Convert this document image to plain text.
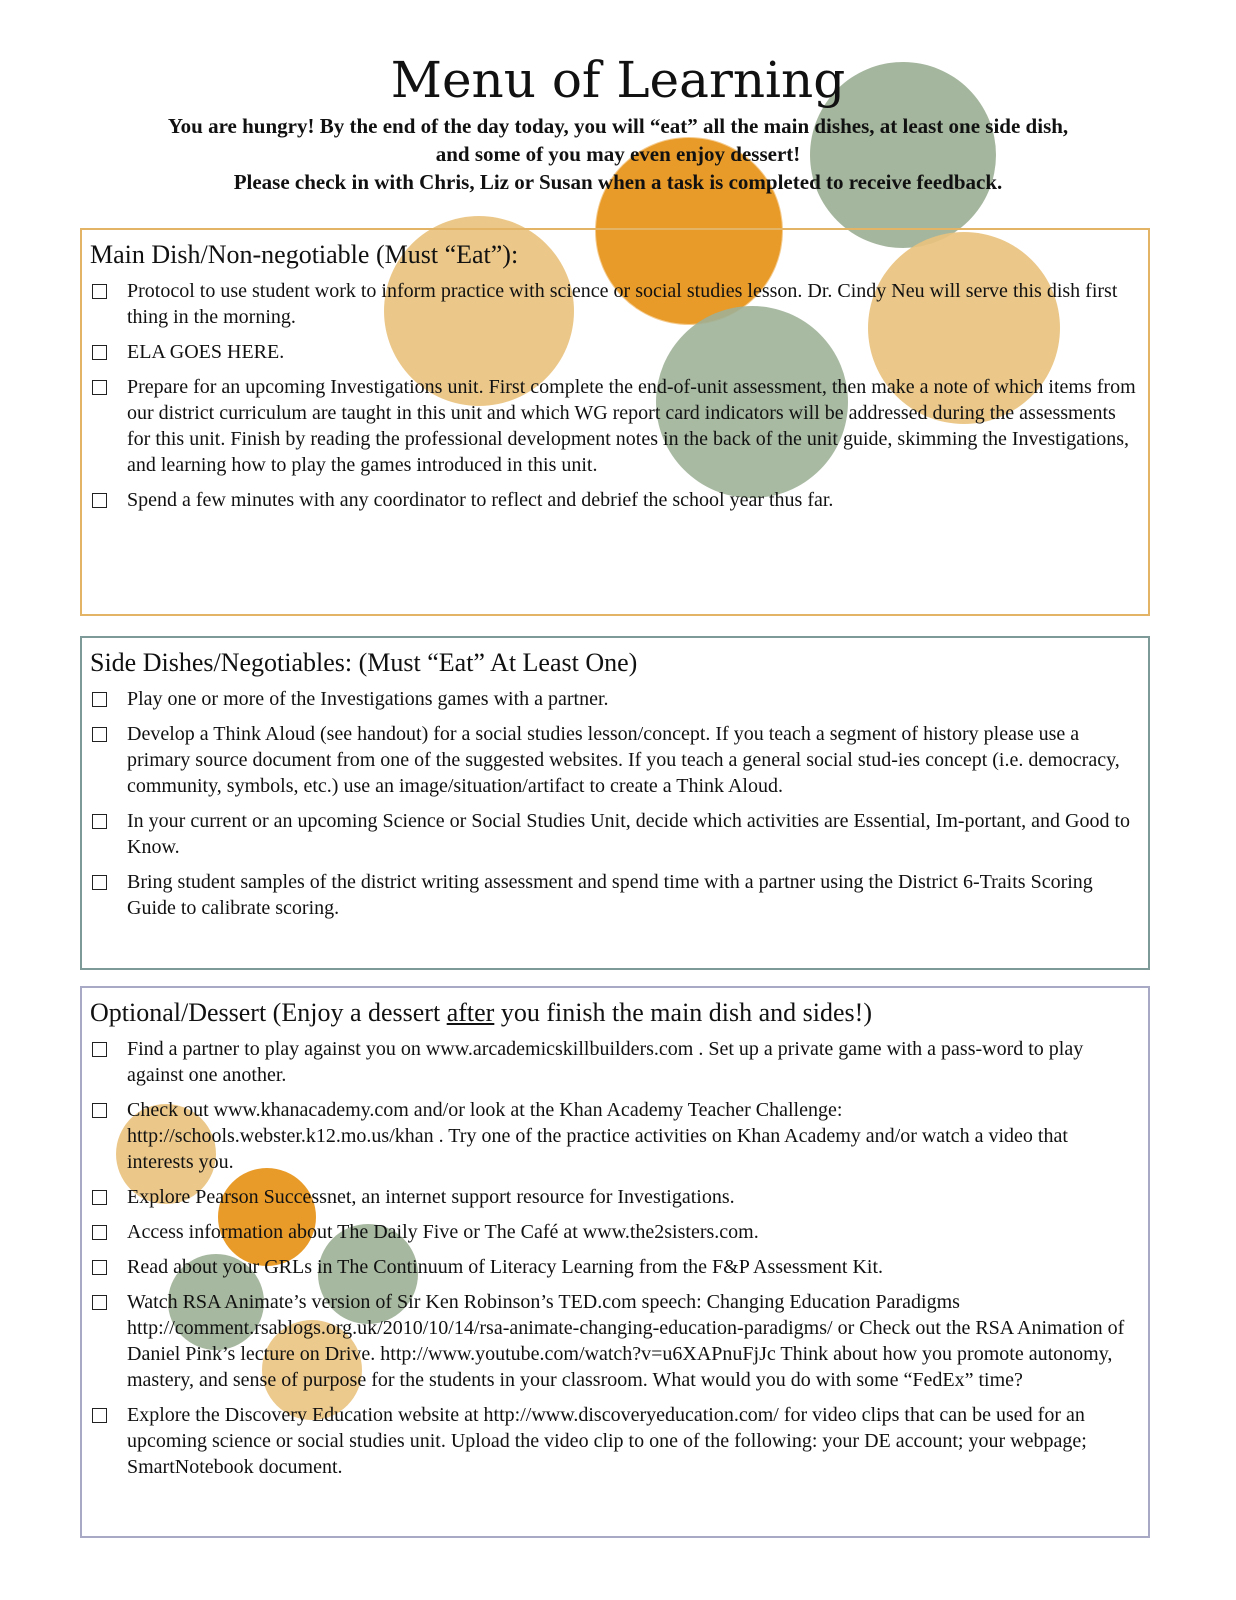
Menu of Learning

You are hungry! By the end of the day today, you will “eat” all the main dishes, at least one side dish,

and some of you may even enjoy dessert!

Please check in with Chris, Liz or Susan when a task is completed to receive feedback.

Main Dish/Non-negotiable (Must “Eat”):
Protocol to use student work to inform practice with science or social studies lesson. Dr. Cindy Neu will serve this dish first thing in the morning.
ELA GOES HERE.
Prepare for an upcoming Investigations unit. First complete the end-of-unit assessment, then make a note of which items from our district curriculum are taught in this unit and which WG report card indicators will be addressed during the assessments for this unit. Finish by reading the professional development notes in the back of the unit guide, skimming the Investigations, and learning how to play the games introduced in this unit.
Spend a few minutes with any coordinator to reflect and debrief the school year thus far.
Side Dishes/Negotiables: (Must “Eat” At Least One)
Play one or more of the Investigations games with a partner.
Develop a Think Aloud (see handout) for a social studies lesson/concept. If you teach a segment of history please use a primary source document from one of the suggested websites. If you teach a general social stud-ies concept (i.e. democracy, community, symbols, etc.) use an image/situation/artifact to create a Think Aloud.
In your current or an upcoming Science or Social Studies Unit, decide which activities are Essential, Im-portant, and Good to Know.
Bring student samples of the district writing assessment and spend time with a partner using the District 6-Traits Scoring Guide to calibrate scoring.
Optional/Dessert (Enjoy a dessert after you finish the main dish and sides!)
Find a partner to play against you on www.arcademicskillbuilders.com . Set up a private game with a pass-word to play against one another.
Check out www.khanacademy.com and/or look at the Khan Academy Teacher Challenge: http://schools.webster.k12.mo.us/khan . Try one of the practice activities on Khan Academy and/or watch a video that interests you.
Explore Pearson Successnet, an internet support resource for Investigations.
Access information about The Daily Five or The Café at www.the2sisters.com.
Read about your GRLs in The Continuum of Literacy Learning from the F&P Assessment Kit.
Watch RSA Animate’s version of Sir Ken Robinson’s TED.com speech: Changing Education Paradigms http://comment.rsablogs.org.uk/2010/10/14/rsa-animate-changing-education-paradigms/ or Check out the RSA Animation of Daniel Pink’s lecture on Drive. http://www.youtube.com/watch?v=u6XAPnuFjJc Think about how you promote autonomy, mastery, and sense of purpose for the students in your classroom. What would you do with some “FedEx” time?
Explore the Discovery Education website at http://www.discoveryeducation.com/ for video clips that can be used for an upcoming science or social studies unit. Upload the video clip to one of the following: your DE account; your webpage; SmartNotebook document.
